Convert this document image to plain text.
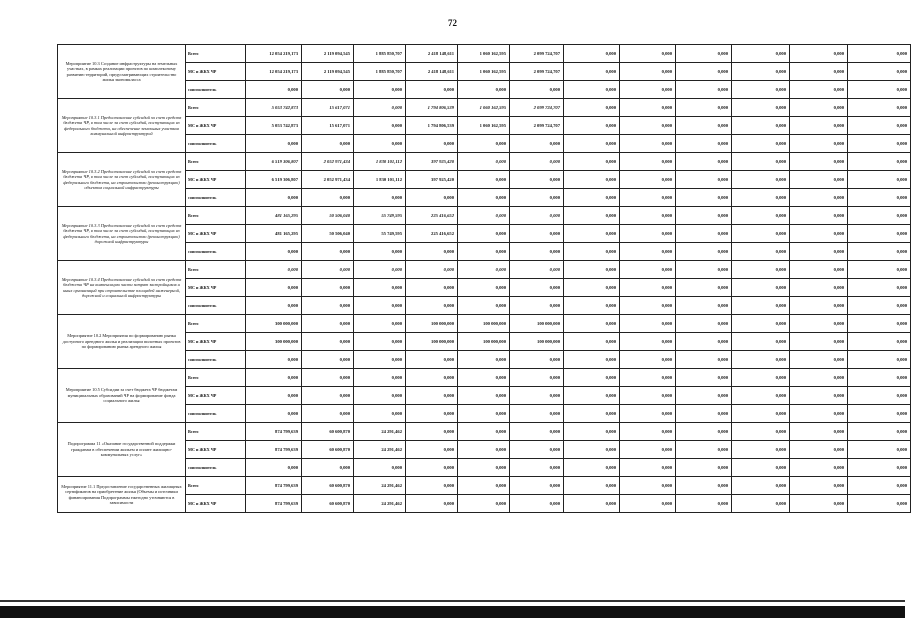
72
Мероприятие 10.3 Создание инфраструктуры на земельных участках, в рамках реализации проектов по комплексному развитию территорий, предусматривающих строительство жилья экономкласса	Всего	12 054 219,173	2 119 094,545	1 885 850,707	2 418 148,611	1 060 162,595	2 099 724,707	0,000	0,000	0,000	0,000	0,000	0,000
	МС и ЖКХ ЧР	12 054 219,173	2 119 094,545	1 885 850,707	2 418 148,611	1 060 162,595	2 099 724,707	0,000	0,000	0,000	0,000	0,000	0,000
	соисполнитель	0,000	0,000	0,000	0,000	0,000	0,000	0,000	0,000	0,000	0,000	0,000	0,000
Мероприятие 10.3.1 Предоставление субсидий за счет средств бюджета ЧР, в том числе за счет субсидий, поступающих из федерального бюджета, на обеспечение земельных участков коммунальной инфраструктурой	Всего	5 053 742,873	15 617,071	0,000	1 794 806,539	1 060 162,595	2 099 724,707	0,000	0,000	0,000	0,000	0,000	0,000
	МС и ЖКХ ЧР	5 053 742,873	15 617,071	0,000	1 794 806,539	1 060 162,595	2 099 724,707	0,000	0,000	0,000	0,000	0,000	0,000
	соисполнитель	0,000	0,000	0,000	0,000	0,000	0,000	0,000	0,000	0,000	0,000	0,000	0,000
Мероприятие 10.3.2 Предоставление субсидий за счет средств бюджета ЧР, в том числе за счет субсидий, поступающих из федерального бюджета, на строительство (реконструкцию) объектов социальной инфраструктуры	Всего	6 519 306,807	2 052 971,434	1 830 101,112	397 925,420	0,000	0,000	0,000	0,000	0,000	0,000	0,000	0,000
	МС и ЖКХ ЧР	6 519 306,807	2 052 971,434	1 830 101,112	397 925,420	0,000	0,000	0,000	0,000	0,000	0,000	0,000	0,000
	соисполнитель	0,000	0,000	0,000	0,000	0,000	0,000	0,000	0,000	0,000	0,000	0,000	0,000
Мероприятие 10.3.3 Предоставление субсидий за счет средств бюджета ЧР, в том числе за счет субсидий, поступающих из федерального бюджета, на строительство (реконструкцию) дорожной инфраструктуры	Всего	481 165,295	50 506,040	55 749,595	225 416,652	0,000	0,000	0,000	0,000	0,000	0,000	0,000	0,000
	МС и ЖКХ ЧР	481 165,295	50 506,040	55 749,595	225 416,652	0,000	0,000	0,000	0,000	0,000	0,000	0,000	0,000
	соисполнитель	0,000	0,000	0,000	0,000	0,000	0,000	0,000	0,000	0,000	0,000	0,000	0,000
Мероприятие 10.3.4 Предоставление субсидий за счет средств бюджета ЧР на компенсацию части затрат застройщиков и иных организаций при строительстве площадей инженерной, дорожной и социальной инфраструктуры	Всего	0,000	0,000	0,000	0,000	0,000	0,000	0,000	0,000	0,000	0,000	0,000	0,000
	МС и ЖКХ ЧР	0,000	0,000	0,000	0,000	0,000	0,000	0,000	0,000	0,000	0,000	0,000	0,000
	соисполнитель	0,000	0,000	0,000	0,000	0,000	0,000	0,000	0,000	0,000	0,000	0,000	0,000
Мероприятие 10.2 Мероприятия по формированию рынка доступного арендного жилья и реализации пилотных проектов по формированию рынка арендного жилья	Всего	300 000,000	0,000	0,000	100 000,000	100 000,000	100 000,000	0,000	0,000	0,000	0,000	0,000	0,000
	МС и ЖКХ ЧР	300 000,000	0,000	0,000	100 000,000	100 000,000	100 000,000	0,000	0,000	0,000	0,000	0,000	0,000
	соисполнитель	0,000	0,000	0,000	0,000	0,000	0,000	0,000	0,000	0,000	0,000	0,000	0,000
Мероприятие 10.5 Субсидии за счет бюджета ЧР бюджетам муниципальных образований ЧР на формирование фонда социального жилья	Всего	0,000	0,000	0,000	0,000	0,000	0,000	0,000	0,000	0,000	0,000	0,000	0,000
	МС и ЖКХ ЧР	0,000	0,000	0,000	0,000	0,000	0,000	0,000	0,000	0,000	0,000	0,000	0,000
	соисполнитель	0,000	0,000	0,000	0,000	0,000	0,000	0,000	0,000	0,000	0,000	0,000	0,000
Подпрограмма 11 «Оказание государственной поддержки гражданам в обеспечении жильем и оплате жилищно-коммунальных услуг»	Всего	874 799,639	60 600,870	24 291,462	0,000	0,000	0,000	0,000	0,000	0,000	0,000	0,000	0,000
	МС и ЖКХ ЧР	874 799,639	60 600,870	24 291,462	0,000	0,000	0,000	0,000	0,000	0,000	0,000	0,000	0,000
	соисполнитель	0,000	0,000	0,000	0,000	0,000	0,000	0,000	0,000	0,000	0,000	0,000	0,000
Мероприятие 11.1 Предоставление государственных жилищных сертификатов на приобретение жилья (Объемы и источники финансирования Подпрограммы ежегодно уточняются в зависимости	Всего	874 799,639	60 600,870	24 291,462	0,000	0,000	0,000	0,000	0,000	0,000	0,000	0,000	0,000
	МС и ЖКХ ЧР	874 799,639	60 600,870	24 291,462	0,000	0,000	0,000	0,000	0,000	0,000	0,000	0,000	0,000
